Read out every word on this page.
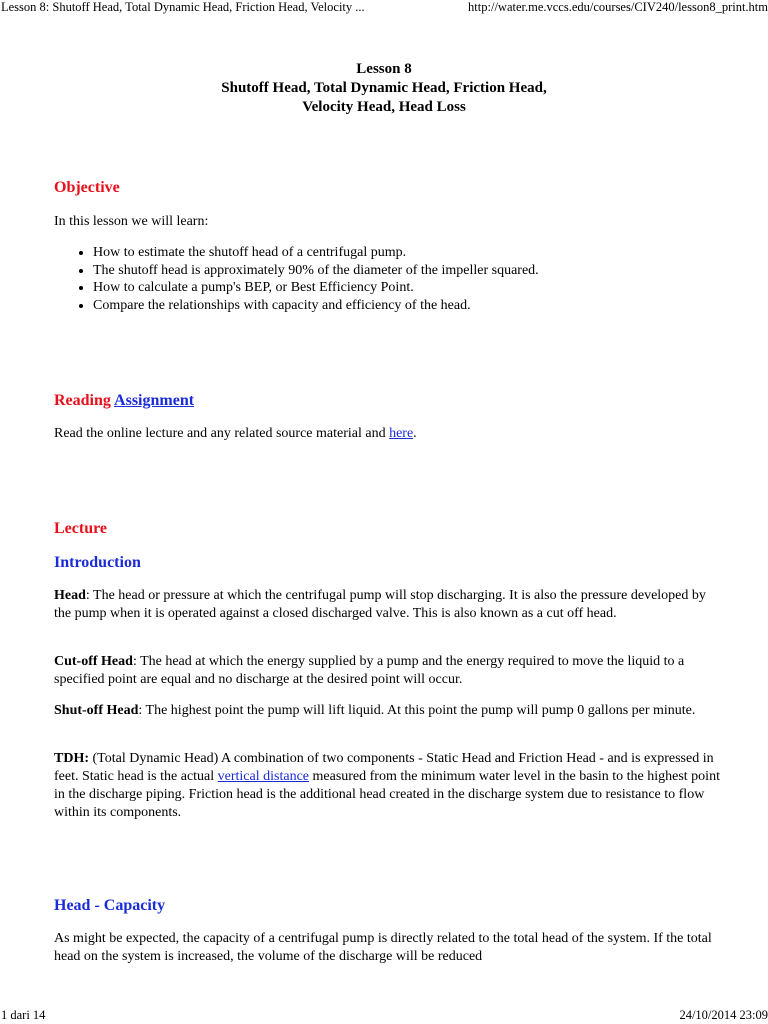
Lesson 8: Shutoff Head, Total Dynamic Head, Friction Head, Velocity ...	http://water.me.vccs.edu/courses/CIV240/lesson8_print.htm
Lesson 8
Shutoff Head, Total Dynamic Head, Friction Head,
Velocity Head, Head Loss
Objective
In this lesson we will learn:
• How to estimate the shutoff head of a centrifugal pump.
• The shutoff head is approximately 90% of the diameter of the impeller squared.
• How to calculate a pump's BEP, or Best Efficiency Point.
• Compare the relationships with capacity and efficiency of the head.
Reading Assignment
Read the online lecture and any related source material and here.
Lecture
Introduction
Head: The head or pressure at which the centrifugal pump will stop discharging. It is also the pressure developed by the pump when it is operated against a closed discharged valve. This is also known as a cut off head.
Cut-off Head: The head at which the energy supplied by a pump and the energy required to move the liquid to a specified point are equal and no discharge at the desired point will occur.
Shut-off Head: The highest point the pump will lift liquid. At this point the pump will pump 0 gallons per minute.
TDH: (Total Dynamic Head) A combination of two components - Static Head and Friction Head - and is expressed in feet. Static head is the actual vertical distance measured from the minimum water level in the basin to the highest point in the discharge piping. Friction head is the additional head created in the discharge system due to resistance to flow within its components.
Head - Capacity
As might be expected, the capacity of a centrifugal pump is directly related to the total head of the system. If the total head on the system is increased, the volume of the discharge will be reduced
1 dari 14	24/10/2014 23:09
